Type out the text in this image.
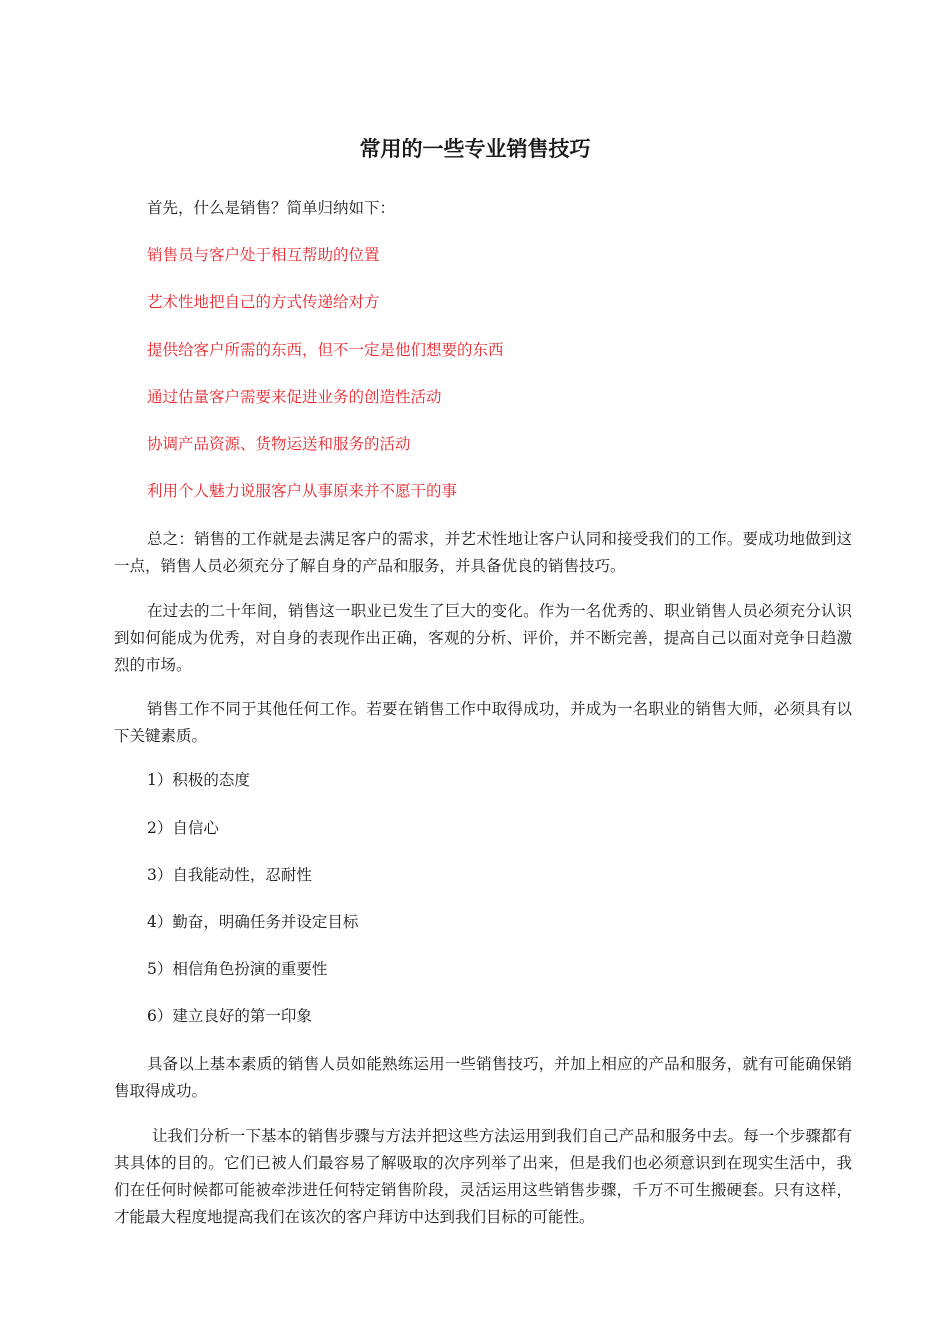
常用的一些专业销售技巧
首先，什么是销售？简单归纳如下：
销售员与客户处于相互帮助的位置
艺术性地把自己的方式传递给对方
提供给客户所需的东西，但不一定是他们想要的东西
通过估量客户需要来促进业务的创造性活动
协调产品资源、货物运送和服务的活动
利用个人魅力说服客户从事原来并不愿干的事
总之：销售的工作就是去满足客户的需求，并艺术性地让客户认同和接受我们的工作。要成功地做到这一点，销售人员必须充分了解自身的产品和服务，并具备优良的销售技巧。
在过去的二十年间，销售这一职业已发生了巨大的变化。作为一名优秀的、职业销售人员必须充分认识到如何能成为优秀，对自身的表现作出正确，客观的分析、评价，并不断完善，提高自己以面对竞争日趋激烈的市场。
销售工作不同于其他任何工作。若要在销售工作中取得成功，并成为一名职业的销售大师，必须具有以下关键素质。
1）积极的态度
2）自信心
3）自我能动性，忍耐性
4）勤奋，明确任务并设定目标
5）相信角色扮演的重要性
6）建立良好的第一印象
具备以上基本素质的销售人员如能熟练运用一些销售技巧，并加上相应的产品和服务，就有可能确保销售取得成功。
让我们分析一下基本的销售步骤与方法并把这些方法运用到我们自己产品和服务中去。每一个步骤都有其具体的目的。它们已被人们最容易了解吸取的次序列举了出来，但是我们也必须意识到在现实生活中，我们在任何时候都可能被牵涉进任何特定销售阶段，灵活运用这些销售步骤，千万不可生搬硬套。只有这样，才能最大程度地提高我们在该次的客户拜访中达到我们目标的可能性。
